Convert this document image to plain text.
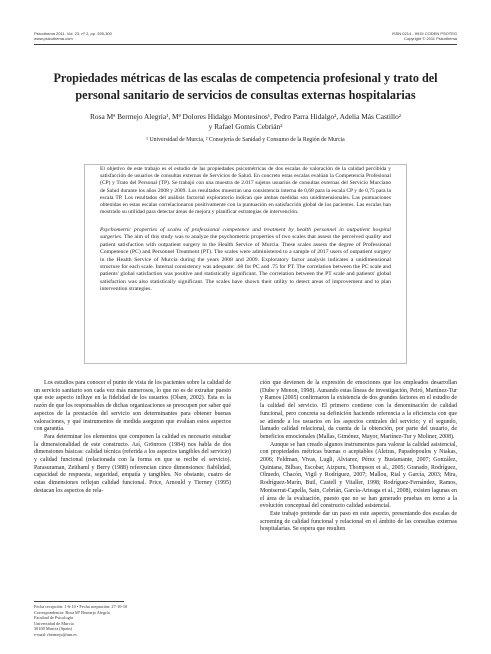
Psicothema 2011. Vol. 23, nº 2, pp. 295-300
www.psicothema.com
ISSN 0214 - 9915 CODEN PSOTEG
Copyright © 2011 Psicothema
Propiedades métricas de las escalas de competencia profesional y trato del personal sanitario de servicios de consultas externas hospitalarias
Rosa Mª Bermejo Alegría¹, Mª Dolores Hidalgo Montesinos¹, Pedro Parra Hidalgo², Adelia Más Castillo²
y Rafael Gomis Cebrián²
¹ Universidad de Murcia, ² Consejería de Sanidad y Consumo de la Región de Murcia
El objetivo de este trabajo es el estudio de las propiedades psicométricas de dos escalas de valoración de la calidad percibida y satisfacción de usuarios de consultas externas de Servicios de Salud. En concreto estas escalas evalúan la Competencia Profesional (CP) y Trato del Personal (TP). Se trabajó con una muestra de 2.017 sujetos usuarios de consultas externas del Servicio Murciano de Salud durante los años 2008 y 2009. Los resultados muestran una consistencia interna de 0,68 para la escala CP y de 0,75 para la escala TP. Los resultados del análisis factorial exploratorio indican que ambas medidas son unidimensionales. Las puntuaciones obtenidas en estas escalas correlacionaron positivamente con la puntuación en satisfacción global de los pacientes. Las escalas han mostrado su utilidad para detectar áreas de mejora y planificar estrategias de intervención.
Psychometric properties of scales of professional competence and treatment by health personnel in outpatient hospital surgeries. The aim of this study was to analyze the psychometric properties of two scales that assess the perceived quality and patient satisfaction with outpatient surgery in the Health Service of Murcia. These scales assess the degree of Professional Competence (PC) and Personnel Treatment (PT). The scales were administered to a sample of 2017 users of outpatient surgery in the Health Service of Murcia during the years 2008 and 2009. Exploratory factor analysis indicates a unidimensional structure for each scale. Internal consistency was adequate: .68 for PC and .75 for PT. The correlation between the PC scale and patients' global satisfaction was positive and statistically significant. The correlation between the PT scale and patients' global satisfaction was also statistically significant. The scales have shown their utility to detect areas of improvement and to plan intervention strategies.

Los estudios para conocer el punto de vista de los pacientes sobre la calidad de un servicio sanitario son cada vez más numerosos, lo que no es de extrañar puesto que este aspecto influye en la fidelidad de los usuarios (Olsen, 2002). Ésta es la razón de que los responsables de dichas organizaciones se preocupen por saber qué aspectos de la prestación del servicio son determinantes para obtener buenas valoraciones, y qué instrumentos de medida aseguran que evalúan estos aspectos con garantía.

Para determinar los elementos que componen la calidad es necesario estudiar la dimensionalidad de este constructo. Así, Grönroos (1984) nos habla de dos dimensiones básicas: calidad técnica (referida a los aspectos tangibles del servicio) y calidad funcional (relacionada con la forma en que se recibe el servicio). Parasuraman, Zeithaml y Berry (1988) referencian cinco dimensiones: fiabilidad, capacidad de respuesta, seguridad, empatía y tangibles. No obstante, cuatro de estas dimensiones reflejan calidad funcional. Price, Arnould y Tierney (1995) destacan los aspectos de rela-

ción que devienen de la expresión de emociones que los empleados desarrollan (Dube y Menon, 1998). Aunando estas líneas de investigación, Peiró, Martínez-Tur y Ramos (2005) confirmaron la existencia de dos grandes factores en el estudio de la calidad del servicio. El primero contiene con la denominación de calidad funcional, pero concreta su definición haciendo referencia a la eficiencia con que se atiende a los usuarios en los aspectos centrales del servicio; y el segundo, llamado calidad relacional, da cuenta de la obtención, por parte del usuario, de beneficios emocionales (Mallas, Giménez, Mayor, Martínez-Tur y Moliner, 2008).

Aunque se han creado algunos instrumentos para valorar la calidad asistencial, con propiedades métricas buenas o aceptables (Aletras, Papadopoulos y Niakas, 2006; Feldman, Vivas, Lugli, Alviarez, Pérez y Bustamante, 2007; González, Quintana, Bilbao, Escobar, Aizpuru, Thompson et al., 2005; Granado, Rodríguez, Olmedo, Chacón, Vigil y Rodríguez, 2007; Mallou, Rial y García, 2003; Mira, Rodríguez-Marín, Buil, Castell y Vitaller, 1998; Rodríguez-Fernández, Ramos, Montserrat-Capella, Sain, Cebrián, García-Arteaga et al., 2008), existen lagunas en el área de la evaluación, puesto que no se han generado pruebas en torno a la evolución conceptual del constructo calidad asistencial.

Este trabajo pretende dar un paso en este aspecto, presentando dos escalas de screening de calidad funcional y relacional en el ámbito de las consultas externas hospitalarias. Se espera que resulten

Fecha recepción: 1-6-10 • Fecha aceptación: 27-10-10
Correspondencia: Rosa Mª Bermejo Alegría
Facultad de Psicología
Universidad de Murcia
30100 Murcia (Spain)
e-mail: rbermejo@um.es
